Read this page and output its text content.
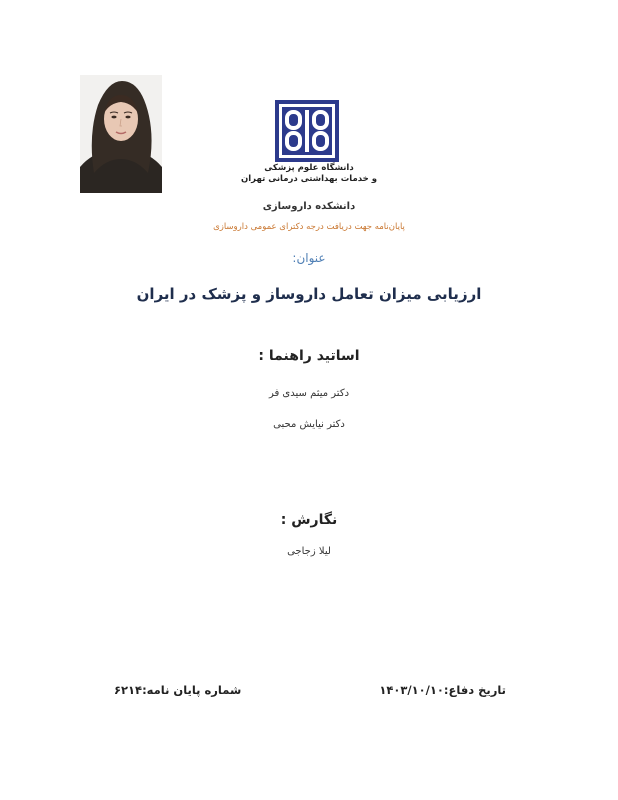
دانشگاه علوم پزشکی
و خدمات بهداشتی درمانی تهران
دانشکده داروسازی
پایان‌نامه جهت دریافت درجه دکترای عمومی داروسازی
عنوان:
ارزیابی میزان تعامل داروساز و پزشک در ایران
اساتید راهنما :
دکتر میثم سیدی فر
دکتر نیایش محبی
نگارش :
لیلا زجاجی
تاریخ دفاع:۱۴۰۳/۱۰/۱۰
شماره پایان نامه:۶۲۱۴
